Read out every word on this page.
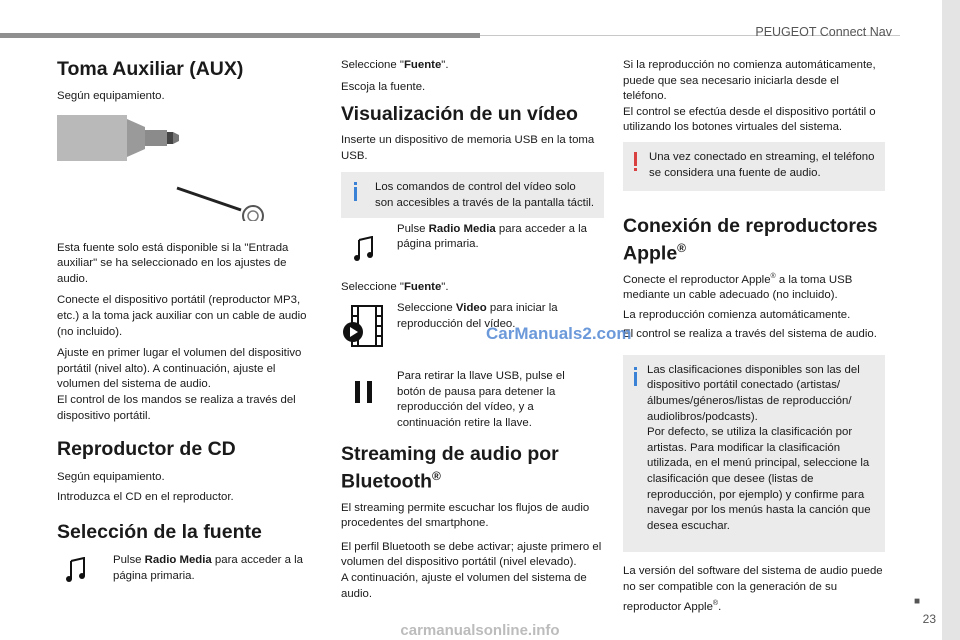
PEUGEOT Connect Nav
■
23
Toma Auxiliar (AUX)

Según equipamiento.

Esta fuente solo está disponible si la "Entrada auxiliar" se ha seleccionado en los ajustes de audio.

Conecte el dispositivo portátil (reproductor MP3, etc.) a la toma jack auxiliar con un cable de audio (no incluido).

Ajuste en primer lugar el volumen del dispositivo portátil (nivel alto). A continuación, ajuste el volumen del sistema de audio.

El control de los mandos se realiza a través del dispositivo portátil.

Reproductor de CD

Según equipamiento.

Introduzca el CD en el reproductor.

Selección de la fuente

Pulse Radio Media para acceder a la página primaria.

Seleccione "Fuente".

Escoja la fuente.

Visualización de un vídeo

Inserte un dispositivo de memoria USB en la toma USB.

Los comandos de control del vídeo solo son accesibles a través de la pantalla táctil.

Pulse Radio Media para acceder a la página primaria.

Seleccione "Fuente".

Seleccione Video para iniciar la reproducción del vídeo.

Para retirar la llave USB, pulse el botón de pausa para detener la reproducción del vídeo, y a continuación retire la llave.

Streaming de audio por
Bluetooth®

El streaming permite escuchar los flujos de audio procedentes del smartphone.

El perfil Bluetooth se debe activar; ajuste primero el volumen del dispositivo portátil (nivel elevado).

A continuación, ajuste el volumen del sistema de audio.

Si la reproducción no comienza automáticamente, puede que sea necesario iniciarla desde el teléfono.

El control se efectúa desde el dispositivo portátil o utilizando los botones virtuales del sistema.

Una vez conectado en streaming, el teléfono se considera una fuente de audio.

Conexión de reproductores
Apple®

Conecte el reproductor Apple® a la toma USB mediante un cable adecuado (no incluido).

La reproducción comienza automáticamente.

El control se realiza a través del sistema de audio.

Las clasificaciones disponibles son las del dispositivo portátil conectado (artistas/ álbumes/géneros/listas de reproducción/ audiolibros/podcasts).

Por defecto, se utiliza la clasificación por artistas. Para modificar la clasificación utilizada, en el menú principal, seleccione la clasificación que desee (listas de reproducción, por ejemplo) y confirme para navegar por los menús hasta la canción que desea escuchar.

La versión del software del sistema de audio puede no ser compatible con la generación de su reproductor Apple®.

CarManuals2.com
carmanualsonline.info
